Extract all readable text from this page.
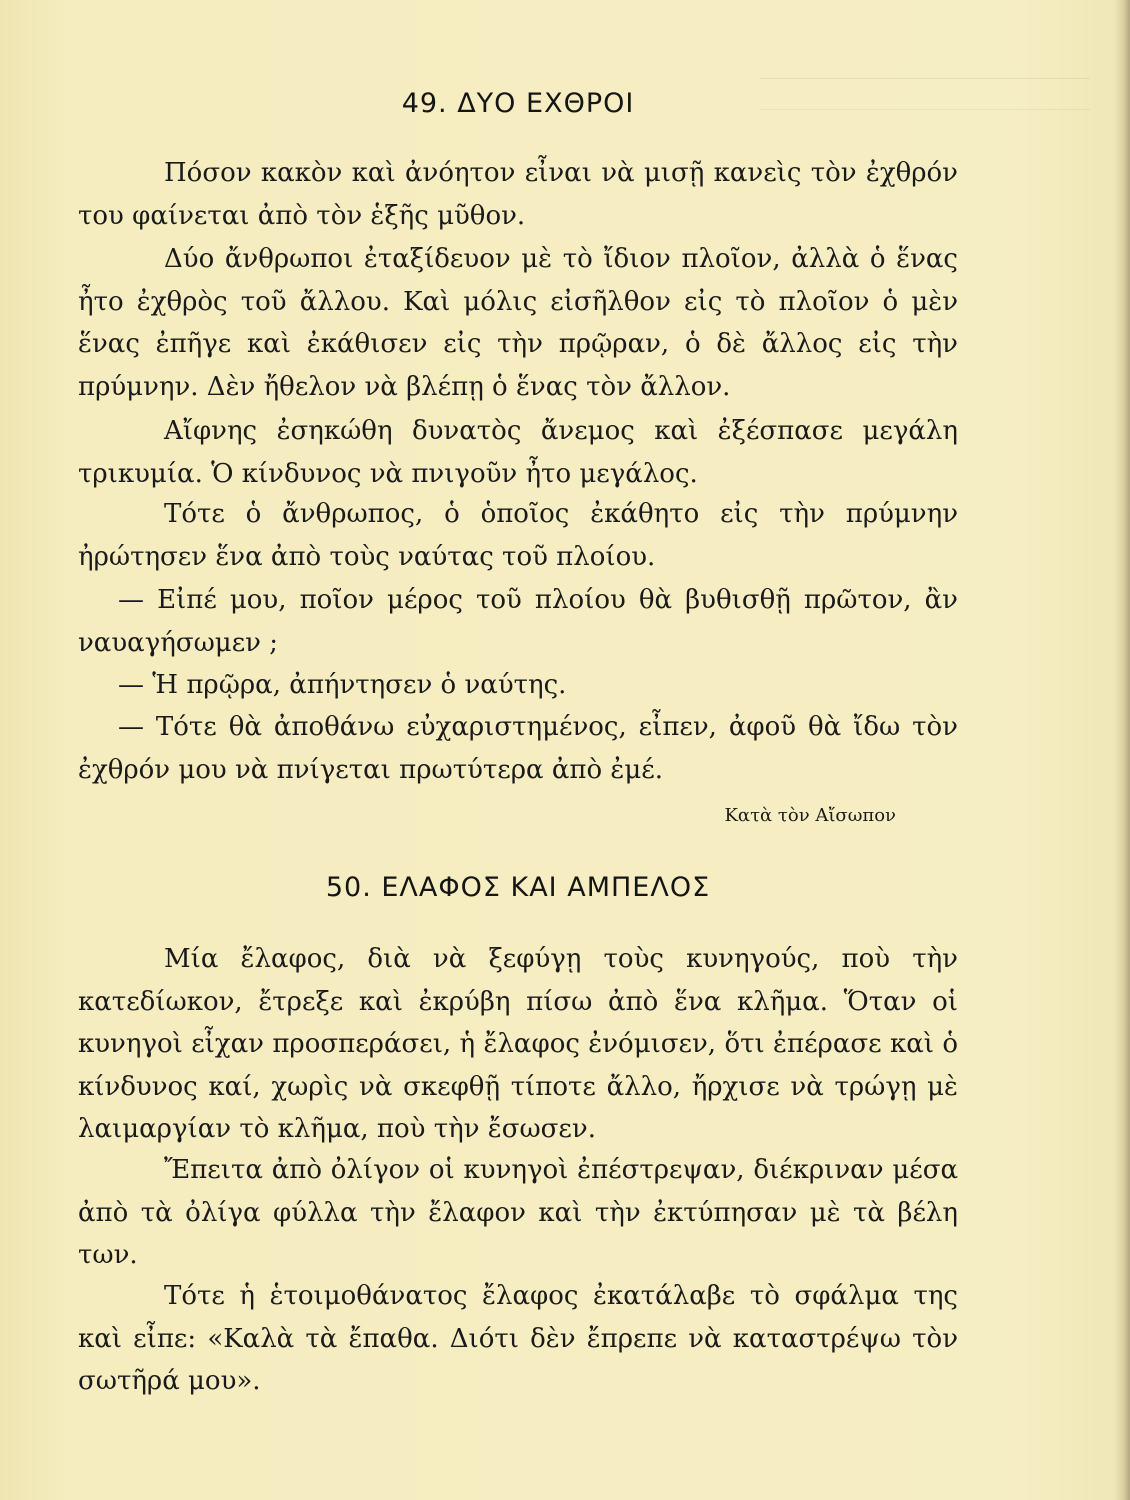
49. ΔΥΟ ΕΧΘΡΟΙ

Πόσον κακὸν καὶ ἀνόητον εἶναι νὰ μισῇ κανεὶς τὸν ἐχθρόν του φαίνεται ἀπὸ τὸν ἑξῆς μῦθον.

Δύο ἄνθρωποι ἐταξίδευον μὲ τὸ ἴδιον πλοῖον, ἀλλὰ ὁ ἕνας ἦτο ἐχθρὸς τοῦ ἄλλου. Καὶ μόλις εἰσῆλθον εἰς τὸ πλοῖον ὁ μὲν ἕνας ἐπῆγε καὶ ἐκάθισεν εἰς τὴν πρῷραν, ὁ δὲ ἄλλος εἰς τὴν πρύμνην. Δὲν ἤθελον νὰ βλέπῃ ὁ ἕνας τὸν ἄλλον.

Αἴφνης ἐσηκώθη δυνατὸς ἄνεμος καὶ ἐξέσπασε μεγάλη τρικυμία. Ὁ κίνδυνος νὰ πνιγοῦν ἦτο μεγάλος.

Τότε ὁ ἄνθρωπος, ὁ ὁποῖος ἐκάθητο εἰς τὴν πρύμνην ἠρώτησεν ἕνα ἀπὸ τοὺς ναύτας τοῦ πλοίου.

— Εἰπέ μου, ποῖον μέρος τοῦ πλοίου θὰ βυθισθῇ πρῶτον, ἂν ναυαγήσωμεν ;

— Ἡ πρῷρα, ἀπήντησεν ὁ ναύτης.

— Τότε θὰ ἀποθάνω εὐχαριστημένος, εἶπεν, ἀφοῦ θὰ ἴδω τὸν ἐχθρόν μου νὰ πνίγεται πρωτύτερα ἀπὸ ἐμέ.

Κατὰ τὸν Αἴσωπον
50. ΕΛΑΦΟΣ ΚΑΙ ΑΜΠΕΛΟΣ

Μία ἔλαφος, διὰ νὰ ξεφύγῃ τοὺς κυνηγούς, ποὺ τὴν κατεδίωκον, ἔτρεξε καὶ ἐκρύβη πίσω ἀπὸ ἕνα κλῆμα. Ὅταν οἱ κυνηγοὶ εἶχαν προσπεράσει, ἡ ἔλαφος ἐνόμισεν, ὅτι ἐπέρασε καὶ ὁ κίνδυνος καί, χωρὶς νὰ σκεφθῇ τίποτε ἄλλο, ἤρχισε νὰ τρώγῃ μὲ λαιμαργίαν τὸ κλῆμα, ποὺ τὴν ἔσωσεν.

Ἔπειτα ἀπὸ ὀλίγον οἱ κυνηγοὶ ἐπέστρεψαν, διέκριναν μέσα ἀπὸ τὰ ὀλίγα φύλλα τὴν ἔλαφον καὶ τὴν ἐκτύπησαν μὲ τὰ βέλη των.

Τότε ἡ ἑτοιμοθάνατος ἔλαφος ἐκατάλαβε τὸ σφάλμα της καὶ εἶπε: «Καλὰ τὰ ἔπαθα. Διότι δὲν ἔπρεπε νὰ καταστρέψω τὸν σωτῆρά μου».
